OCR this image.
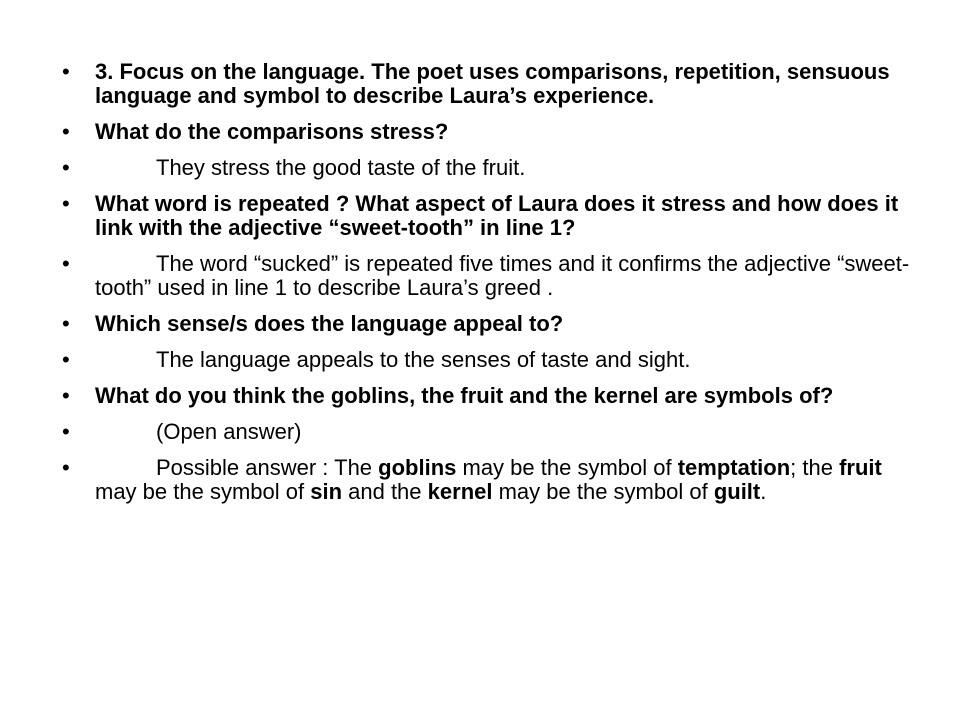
• 3. Focus on the language. The poet uses comparisons, repetition, sensuous language and symbol to describe Laura’s experience.
• What do the comparisons stress?
•	They stress the good taste of the fruit.
• What word is repeated ? What aspect of Laura does it stress and how does it link with the adjective “sweet-tooth” in line 1?
•	The word “sucked” is repeated five times and it confirms the adjective “sweet-tooth” used in line 1 to describe Laura’s greed .
• Which sense/s does the language appeal to?
•	The language appeals to the senses of taste and sight.
• What do you think the goblins, the fruit and the kernel are symbols of?
•	(Open answer)
•	Possible answer : The goblins may be the symbol of temptation; the fruit may be the symbol of sin and the kernel may be the symbol of guilt.
